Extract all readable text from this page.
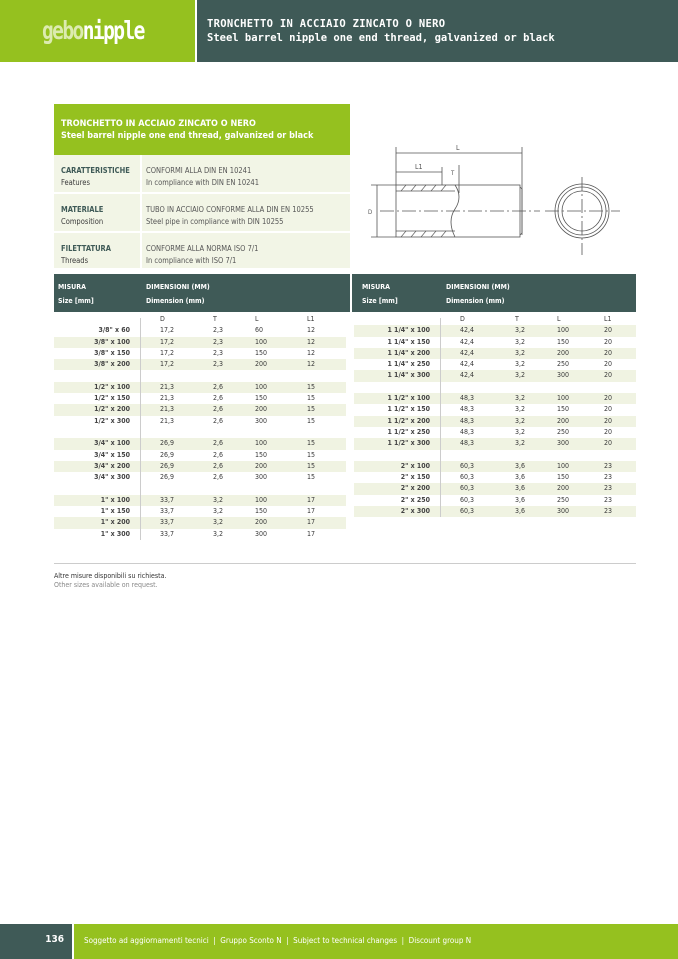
gebonipple	TRONCHETTO IN ACCIAIO ZINCATO O NERO
Steel barrel nipple one end thread, galvanized or black
TRONCHETTO IN ACCIAIO ZINCATO O NERO
Steel barrel nipple one end thread, galvanized or black
CARATTERISTICHE
Features
CONFORMI ALLA DIN EN 10241
In compliance with DIN EN 10241
MATERIALE
Composition
TUBO IN ACCIAIO CONFORME ALLA DIN EN 10255
Steel pipe in compliance with DIN 10255
FILETTATURA
Threads
CONFORME ALLA NORMA ISO 7/1
In compliance with ISO 7/1
L
L1
T
D
MISURA
Size [mm]
DIMENSIONI (MM)
Dimension (mm)
MISURA
Size [mm]
DIMENSIONI (MM)
Dimension (mm)
D	T	L	L1
3/8" x 60	17,2	2,3	60	12
3/8" x 100	17,2	2,3	100	12
3/8" x 150	17,2	2,3	150	12
3/8" x 200	17,2	2,3	200	12
1/2" x 100	21,3	2,6	100	15
1/2" x 150	21,3	2,6	150	15
1/2" x 200	21,3	2,6	200	15
1/2" x 300	21,3	2,6	300	15
3/4" x 100	26,9	2,6	100	15
3/4" x 150	26,9	2,6	150	15
3/4" x 200	26,9	2,6	200	15
3/4" x 300	26,9	2,6	300	15
1" x 100	33,7	3,2	100	17
1" x 150	33,7	3,2	150	17
1" x 200	33,7	3,2	200	17
1" x 300	33,7	3,2	300	17
D	T	L	L1
1 1/4" x 100	42,4	3,2	100	20
1 1/4" x 150	42,4	3,2	150	20
1 1/4" x 200	42,4	3,2	200	20
1 1/4" x 250	42,4	3,2	250	20
1 1/4" x 300	42,4	3,2	300	20
1 1/2" x 100	48,3	3,2	100	20
1 1/2" x 150	48,3	3,2	150	20
1 1/2" x 200	48,3	3,2	200	20
1 1/2" x 250	48,3	3,2	250	20
1 1/2" x 300	48,3	3,2	300	20
2" x 100	60,3	3,6	100	23
2" x 150	60,3	3,6	150	23
2" x 200	60,3	3,6	200	23
2" x 250	60,3	3,6	250	23
2" x 300	60,3	3,6	300	23
Altre misure disponibili su richiesta.
Other sizes available on request.
136	Soggetto ad aggiornamenti tecnici  |  Gruppo Sconto N  |  Subject to technical changes  |  Discount group N
